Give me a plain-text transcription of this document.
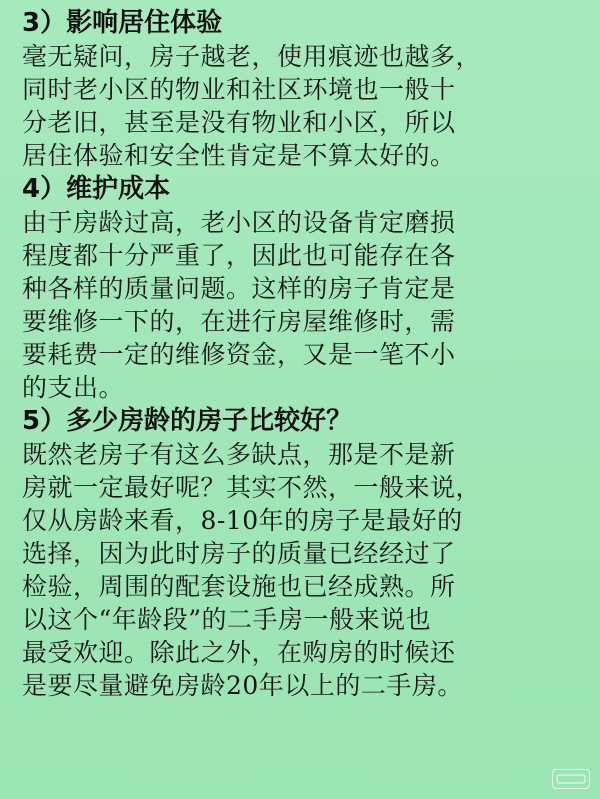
3）影响居住体验

毫无疑问，房子越老，使用痕迹也越多，
同时老小区的物业和社区环境也一般十
分老旧，甚至是没有物业和小区，所以
居住体验和安全性肯定是不算太好的。

4）维护成本

由于房龄过高，老小区的设备肯定磨损
程度都十分严重了，因此也可能存在各
种各样的质量问题。这样的房子肯定是
要维修一下的，在进行房屋维修时，需
要耗费一定的维修资金，又是一笔不小
的支出。

5）多少房龄的房子比较好？

既然老房子有这么多缺点，那是不是新
房就一定最好呢？其实不然，一般来说，
仅从房龄来看，8-10年的房子是最好的
选择，因为此时房子的质量已经经过了
检验，周围的配套设施也已经成熟。所
以这个“年龄段”的二手房一般来说也
最受欢迎。除此之外，在购房的时候还
是要尽量避免房龄20年以上的二手房。
